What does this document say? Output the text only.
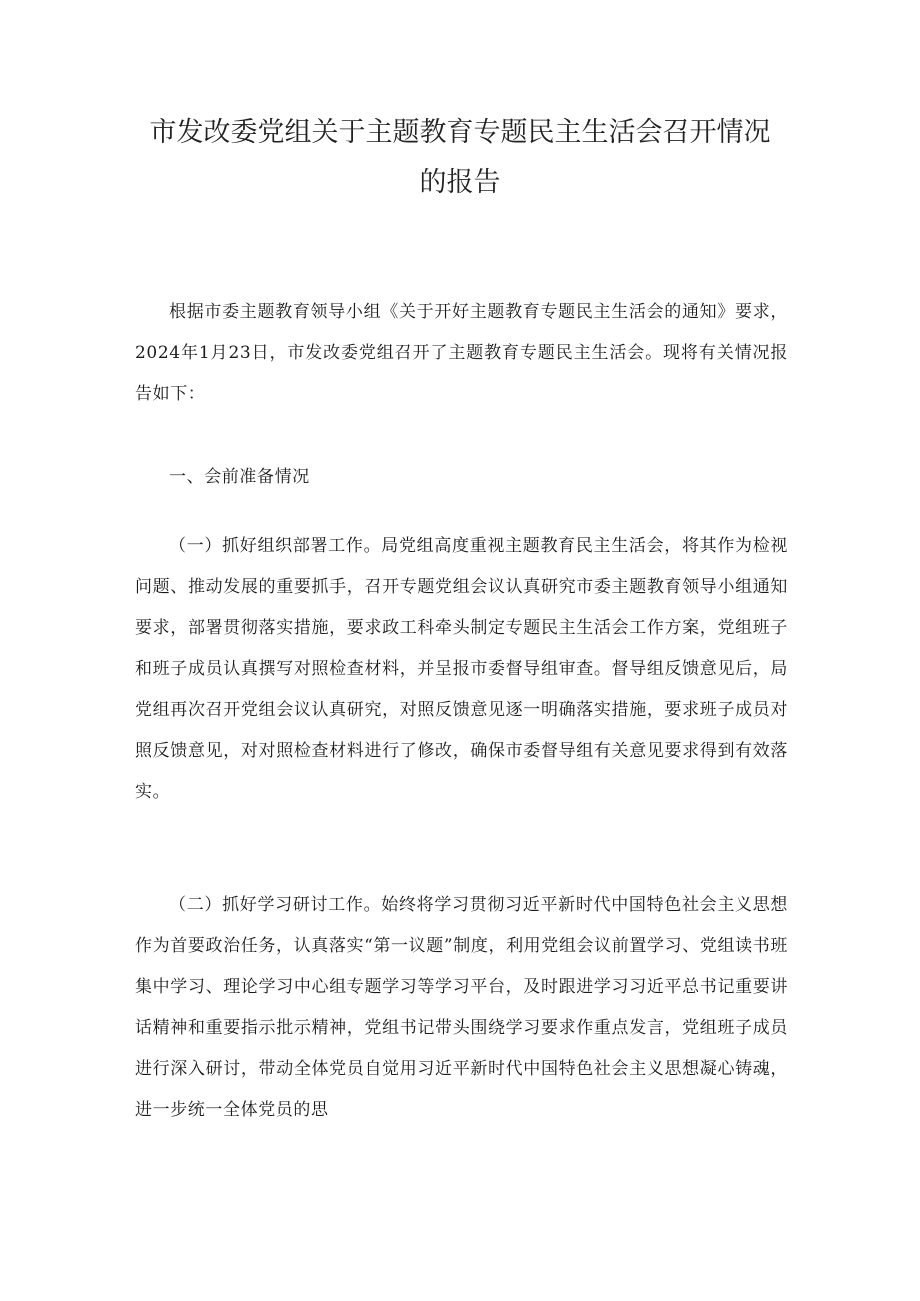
市发改委党组关于主题教育专题民主生活会召开情况
的报告

根据市委主题教育领导小组《关于开好主题教育专题民主生活会的通知》要求，2024年1月23日，市发改委党组召开了主题教育专题民主生活会。现将有关情况报告如下：

一、会前准备情况

（一）抓好组织部署工作。局党组高度重视主题教育民主生活会，将其作为检视问题、推动发展的重要抓手，召开专题党组会议认真研究市委主题教育领导小组通知要求，部署贯彻落实措施，要求政工科牵头制定专题民主生活会工作方案，党组班子和班子成员认真撰写对照检查材料，并呈报市委督导组审查。督导组反馈意见后，局党组再次召开党组会议认真研究，对照反馈意见逐一明确落实措施，要求班子成员对照反馈意见，对对照检查材料进行了修改，确保市委督导组有关意见要求得到有效落实。

（二）抓好学习研讨工作。始终将学习贯彻习近平新时代中国特色社会主义思想作为首要政治任务，认真落实“第一议题”制度，利用党组会议前置学习、党组读书班集中学习、理论学习中心组专题学习等学习平台，及时跟进学习习近平总书记重要讲话精神和重要指示批示精神，党组书记带头围绕学习要求作重点发言，党组班子成员进行深入研讨，带动全体党员自觉用习近平新时代中国特色社会主义思想凝心铸魂，进一步统一全体党员的思
